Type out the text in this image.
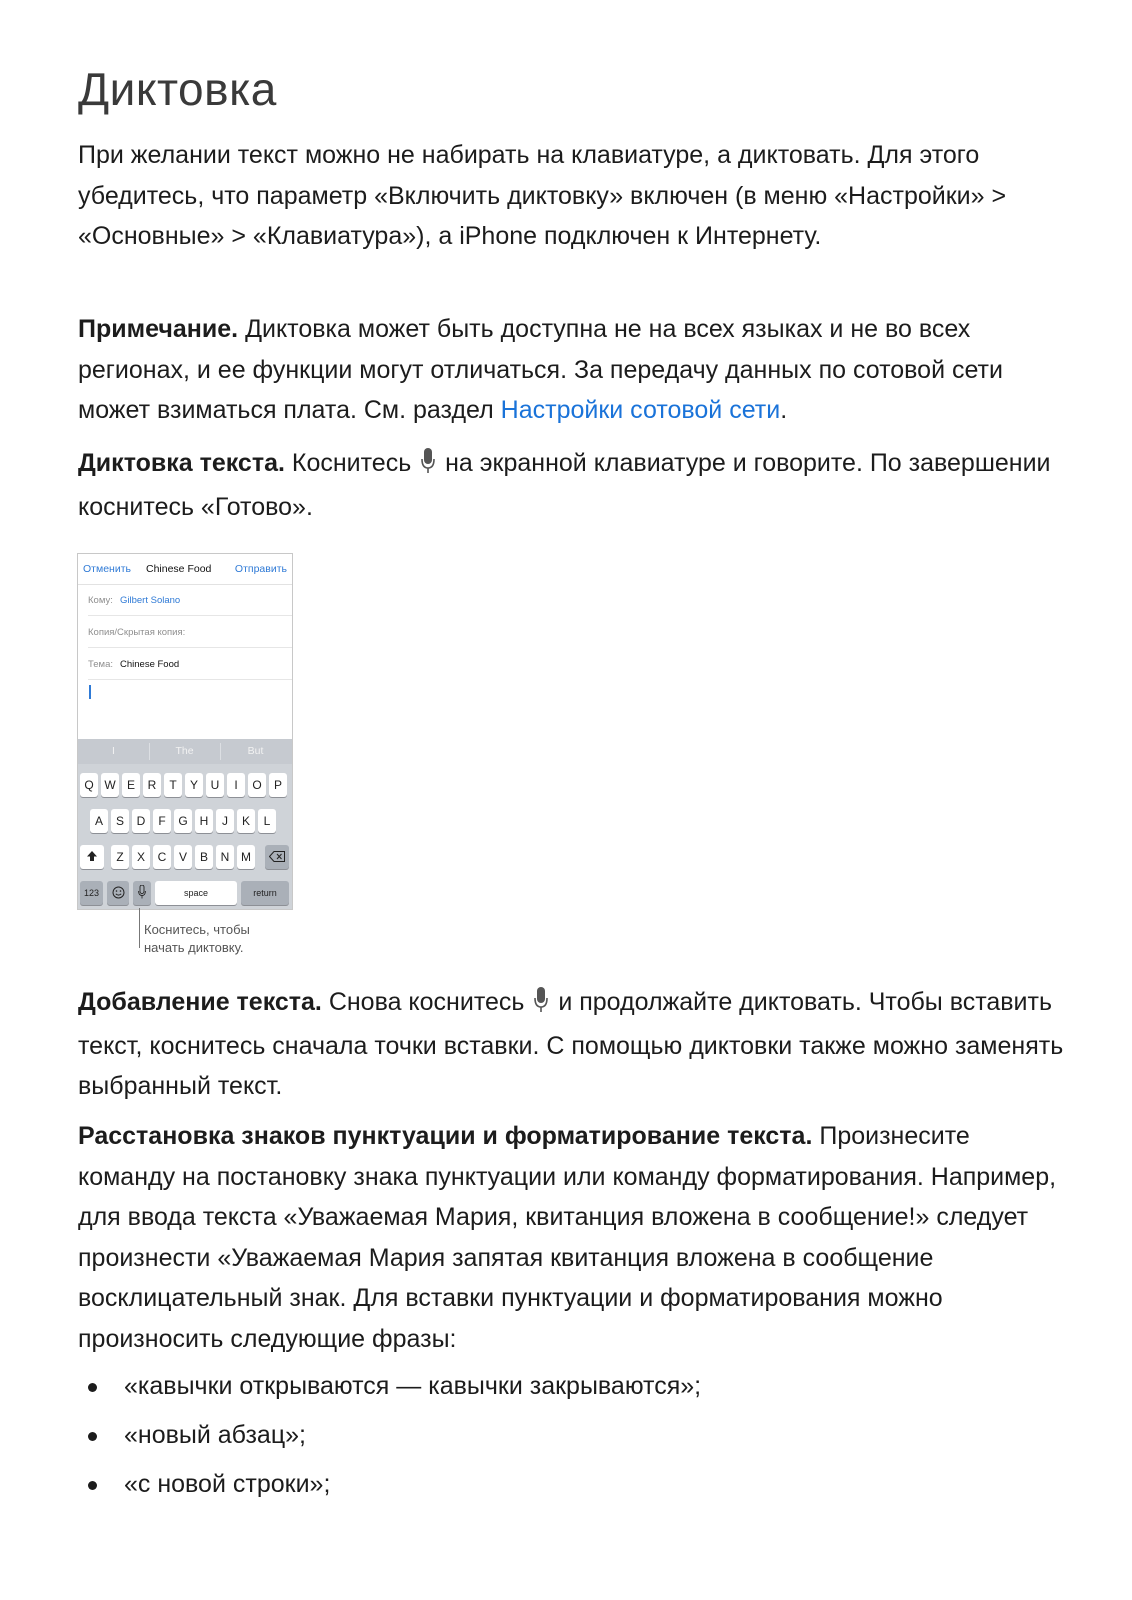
Диктовка

При желании текст можно не набирать на клавиатуре, а диктовать. Для этого убедитесь, что параметр «Включить диктовку» включен (в меню «Настройки» > «Основные» > «Клавиатура»), а iPhone подключен к Интернету.

Примечание. Диктовка может быть доступна не на всех языках и не во всех регионах, и ее функции могут отличаться. За передачу данных по сотовой сети может взиматься плата. См. раздел Настройки сотовой сети.

Диктовка текста. Коснитесь  на экранной клавиатуре и говорите. По завершении коснитесь «Готово».

Добавление текста. Снова коснитесь  и продолжайте диктовать. Чтобы вставить текст, коснитесь сначала точки вставки. С помощью диктовки также можно заменять выбранный текст.

Расстановка знаков пунктуации и форматирование текста. Произнесите команду на постановку знака пунктуации или команду форматирования. Например, для ввода текста «Уважаемая Мария, квитанция вложена в сообщение!» следует произнести «Уважаемая Мария запятая квитанция вложена в сообщение восклицательный знак. Для вставки пунктуации и форматирования можно произносить следующие фразы:

«кавычки открываются — кавычки закрываются»;
«новый абзац»;
«с новой строки»;
Отменить Chinese Food Отправить
Кому: Gilbert Solano
Копия/Скрытая копия:
Тема: Chinese Food
I	The	But
Q W E	R	T	Y	U	I	O	P
A	S	D	F	G H	J	K	L
Z	X	C	V	B	N M
123	space	return
Коснитесь, чтобы
начать диктовку.
